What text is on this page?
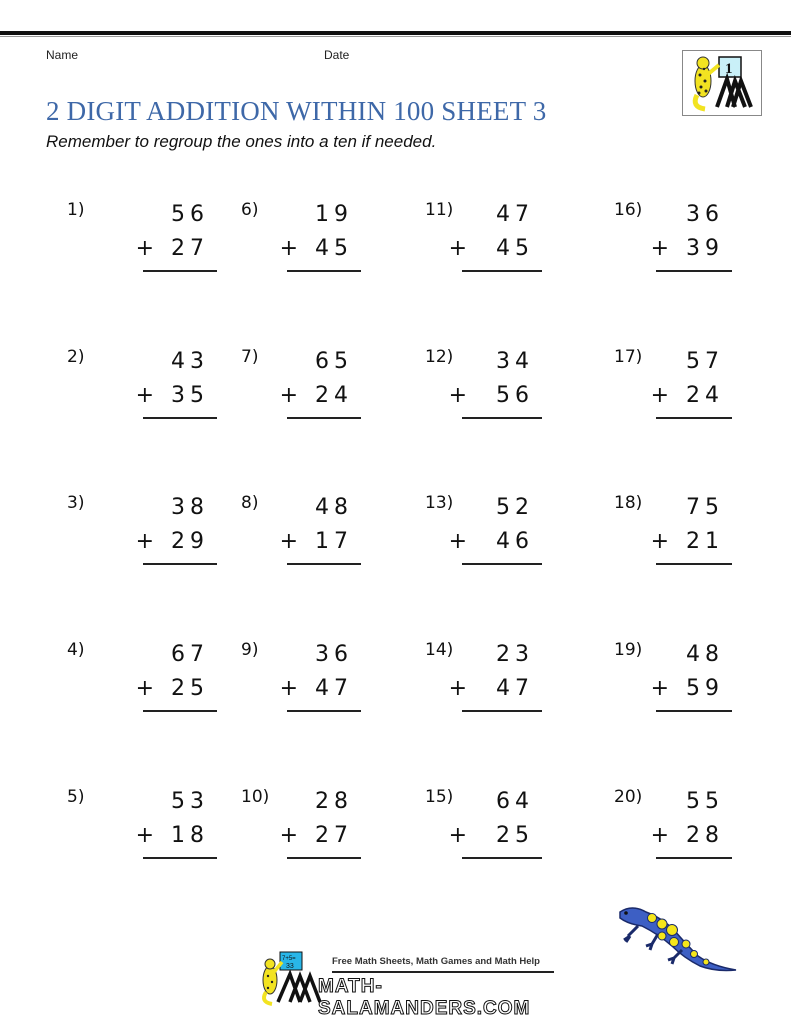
Name	Date
1
2 DIGIT ADDITION WITHIN 100 SHEET 3
Remember to regroup the ones into a ten if needed.
1)	56
+ 27
2)	43
+ 35
3)	38
+ 29
4)	67
+ 25
5)	53
+ 18
6)	19
+ 45
7)	65
+ 24
8)	48
+ 17
9)	36
+ 47
10) 28
+ 27
11) 47
+  45
12) 34
+  56
13) 52
+  46
14) 23
+  47
15) 64
+  25
16) 36
+ 39
17) 57
+ 24
18) 75
+ 21
19) 48
+ 59
20) 55
+ 28
7+5=
33	Free Math Sheets, Math Games and Math Help
MATH-SALAMANDERS.COM
